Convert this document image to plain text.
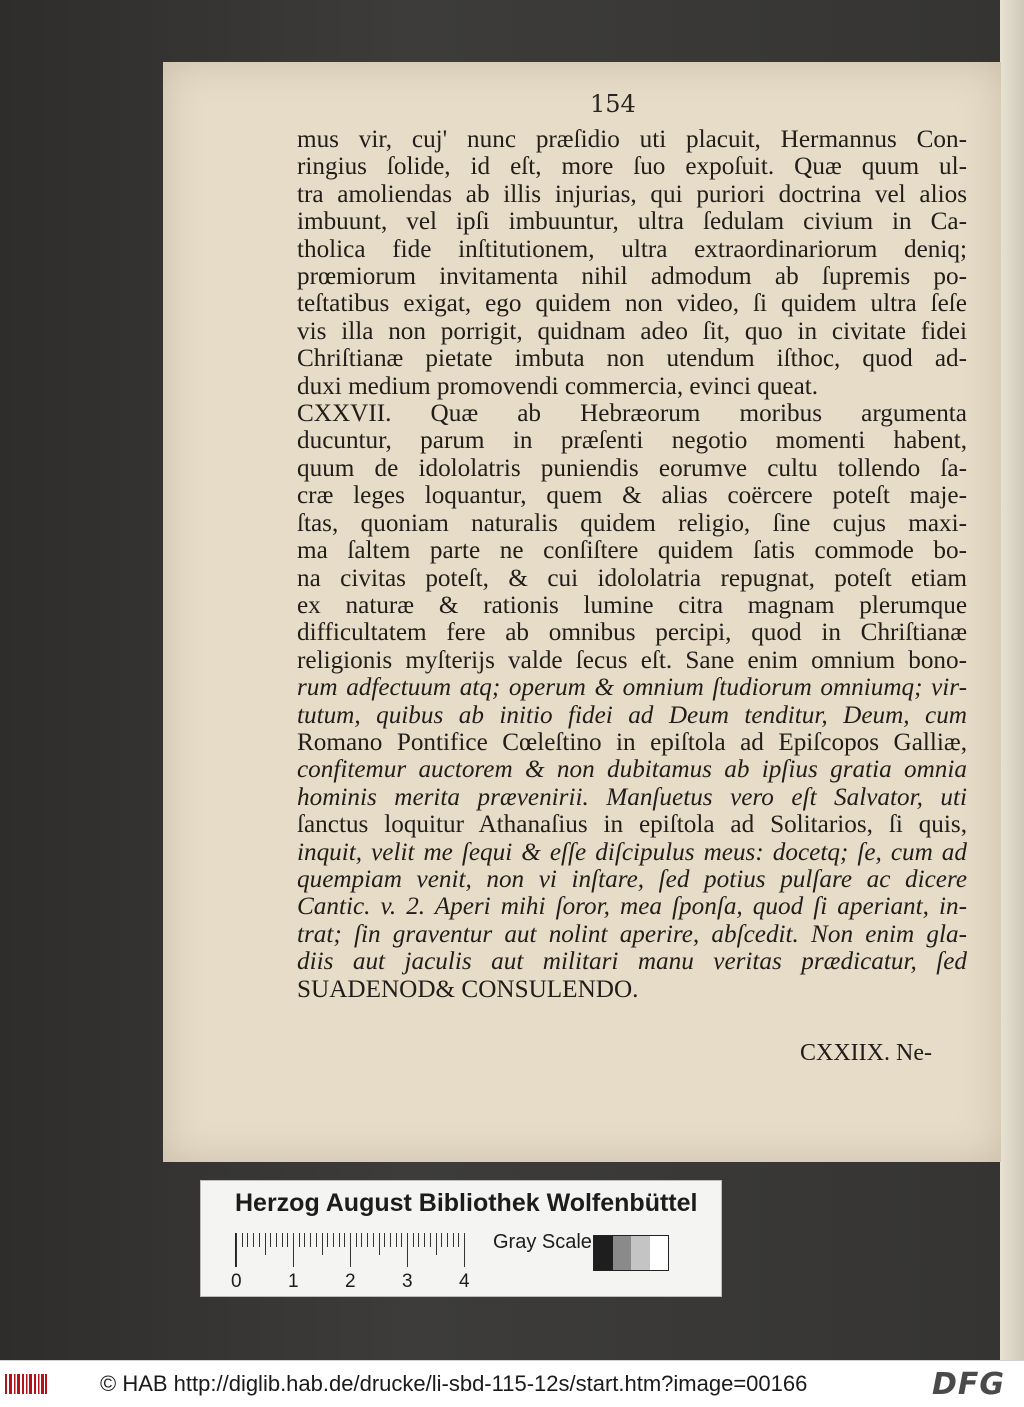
154
mus vir, cuj' nunc præſidio uti placuit, Hermannus Con-
ringius ſolide, id eſt, more ſuo expoſuit. Quæ quum ul-
tra amoliendas ab illis injurias, qui puriori doctrina vel alios
imbuunt, vel ipſi imbuuntur, ultra ſedulam civium in Ca-
tholica fide inſtitutionem, ultra extraordinariorum deniq;
prœmiorum invitamenta nihil admodum ab ſupremis po-
teſtatibus exigat, ego quidem non video, ſi quidem ultra ſeſe
vis illa non porrigit, quidnam adeo ſit, quo in civitate fidei
Chriſtianæ pietate imbuta non utendum iſthoc, quod ad-
duxi medium promovendi commercia, evinci queat.
CXXVII. Quæ ab Hebræorum moribus argumenta
ducuntur, parum in præſenti negotio momenti habent,
quum de idololatris puniendis eorumve cultu tollendo ſa-
cræ leges loquantur, quem & alias coërcere poteſt maje-
ſtas, quoniam naturalis quidem religio, ſine cujus maxi-
ma ſaltem parte ne conſiſtere quidem ſatis commode bo-
na civitas poteſt, & cui idololatria repugnat, poteſt etiam
ex naturæ & rationis lumine citra magnam plerumque
difficultatem fere ab omnibus percipi, quod in Chriſtianæ
religionis myſterijs valde ſecus eſt. Sane enim omnium bono-
rum adfectuum atq; operum & omnium ſtudiorum omniumq; vir-
tutum, quibus ab initio fidei ad Deum tenditur, Deum, cum
Romano Pontifice Cœleſtino in epiſtola ad Epiſcopos Galliæ,
confitemur auctorem & non dubitamus ab ipſius gratia omnia
hominis merita prævenirii. Manſuetus vero eſt Salvator, uti
ſanctus loquitur Athanaſius in epiſtola ad Solitarios, ſi quis,
inquit, velit me ſequi & eſſe diſcipulus meus: docetq; ſe, cum ad
quempiam venit, non vi inſtare, ſed potius pulſare ac dicere
Cantic. v. 2. Aperi mihi ſoror, mea ſponſa, quod ſi aperiant, in-
trat; ſin graventur aut nolint aperire, abſcedit. Non enim gla-
diis aut jaculis aut militari manu veritas prædicatur, ſed
SUADENOD& CONSULENDO.
CXXIIX. Ne-
Herzog August Bibliothek Wolfenbüttel
0 1 2 3 4
Gray Scale
© HAB http://diglib.hab.de/drucke/li-sbd-115-12s/start.htm?image=00166	DFG
